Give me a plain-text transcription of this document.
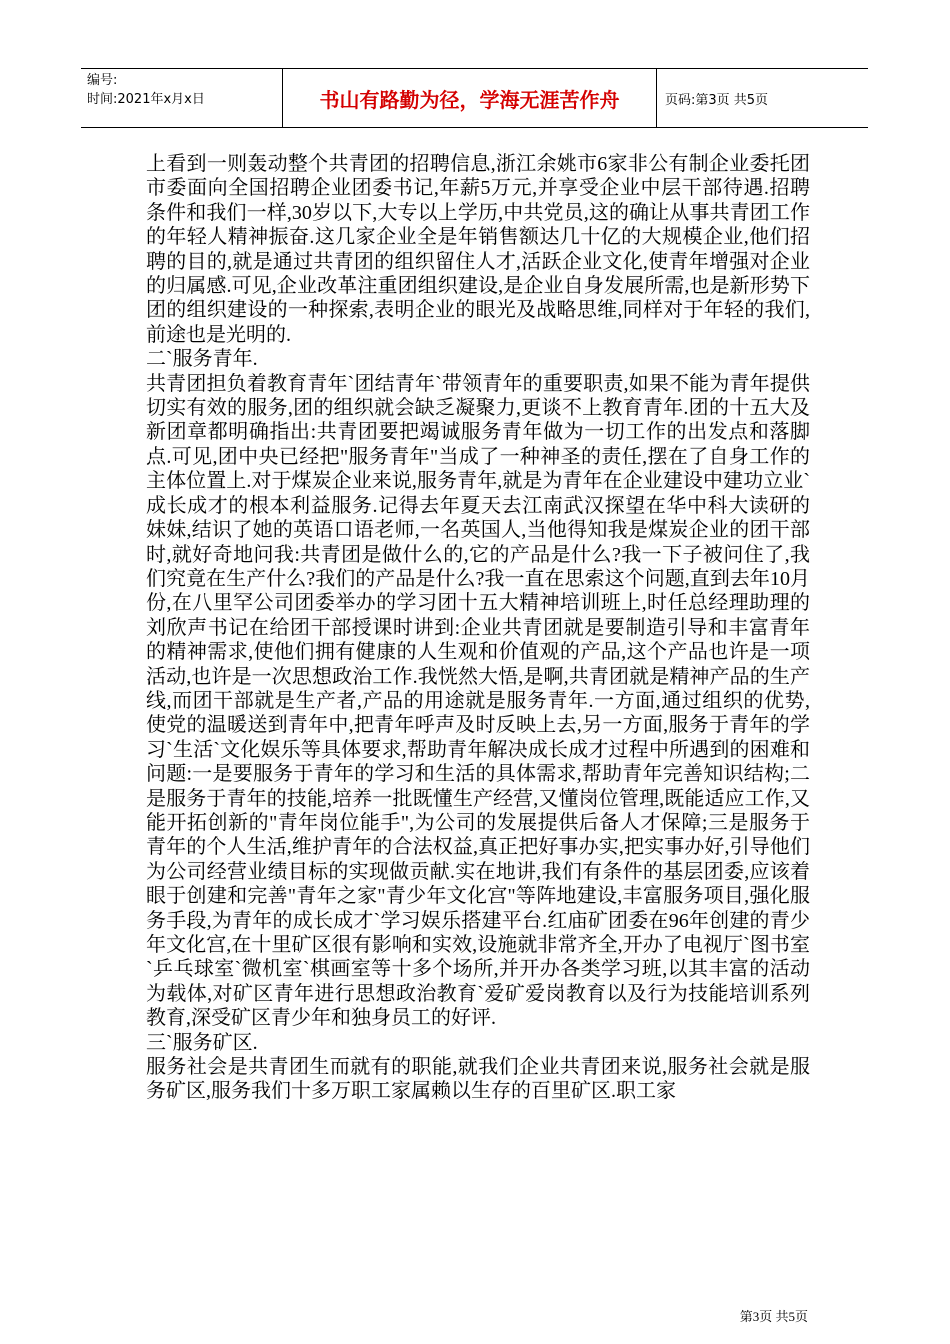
编号:
时间:2021年x月x日	书山有路勤为径，学海无涯苦作舟	页码:第3页 共5页

上看到一则轰动整个共青团的招聘信息,浙江余姚市6家非公有制企业委托团市委面向全国招聘企业团委书记,年薪5万元,并享受企业中层干部待遇.招聘条件和我们一样,30岁以下,大专以上学历,中共党员,这的确让从事共青团工作的年轻人精神振奋.这几家企业全是年销售额达几十亿的大规模企业,他们招聘的目的,就是通过共青团的组织留住人才,活跃企业文化,使青年增强对企业的归属感.可见,企业改革注重团组织建设,是企业自身发展所需,也是新形势下团的组织建设的一种探索,表明企业的眼光及战略思维,同样对于年轻的我们,前途也是光明的.

二`服务青年.

共青团担负着教育青年`团结青年`带领青年的重要职责,如果不能为青年提供切实有效的服务,团的组织就会缺乏凝聚力,更谈不上教育青年.团的十五大及新团章都明确指出:共青团要把竭诚服务青年做为一切工作的出发点和落脚点.可见,团中央已经把"服务青年"当成了一种神圣的责任,摆在了自身工作的主体位置上.对于煤炭企业来说,服务青年,就是为青年在企业建设中建功立业`成长成才的根本利益服务.记得去年夏天去江南武汉探望在华中科大读研的妹妹,结识了她的英语口语老师,一名英国人,当他得知我是煤炭企业的团干部时,就好奇地问我:共青团是做什么的,它的产品是什么?我一下子被问住了,我们究竟在生产什么?我们的产品是什么?我一直在思索这个问题,直到去年10月份,在八里罕公司团委举办的学习团十五大精神培训班上,时任总经理助理的刘欣声书记在给团干部授课时讲到:企业共青团就是要制造引导和丰富青年的精神需求,使他们拥有健康的人生观和价值观的产品,这个产品也许是一项活动,也许是一次思想政治工作.我恍然大悟,是啊,共青团就是精神产品的生产线,而团干部就是生产者,产品的用途就是服务青年.一方面,通过组织的优势,使党的温暖送到青年中,把青年呼声及时反映上去,另一方面,服务于青年的学习`生活`文化娱乐等具体要求,帮助青年解决成长成才过程中所遇到的困难和问题:一是要服务于青年的学习和生活的具体需求,帮助青年完善知识结构;二是服务于青年的技能,培养一批既懂生产经营,又懂岗位管理,既能适应工作,又能开拓创新的"青年岗位能手",为公司的发展提供后备人才保障;三是服务于青年的个人生活,维护青年的合法权益,真正把好事办实,把实事办好,引导他们为公司经营业绩目标的实现做贡献.实在地讲,我们有条件的基层团委,应该着眼于创建和完善"青年之家"青少年文化宫"等阵地建设,丰富服务项目,强化服务手段,为青年的成长成才`学习娱乐搭建平台.红庙矿团委在96年创建的青少年文化宫,在十里矿区很有影响和实效,设施就非常齐全,开办了电视厅`图书室`乒乓球室`微机室`棋画室等十多个场所,并开办各类学习班,以其丰富的活动为载体,对矿区青年进行思想政治教育`爱矿爱岗教育以及行为技能培训系列教育,深受矿区青少年和独身员工的好评.

三`服务矿区.

服务社会是共青团生而就有的职能,就我们企业共青团来说,服务社会就是服务矿区,服务我们十多万职工家属赖以生存的百里矿区.职工家

第3页 共5页
